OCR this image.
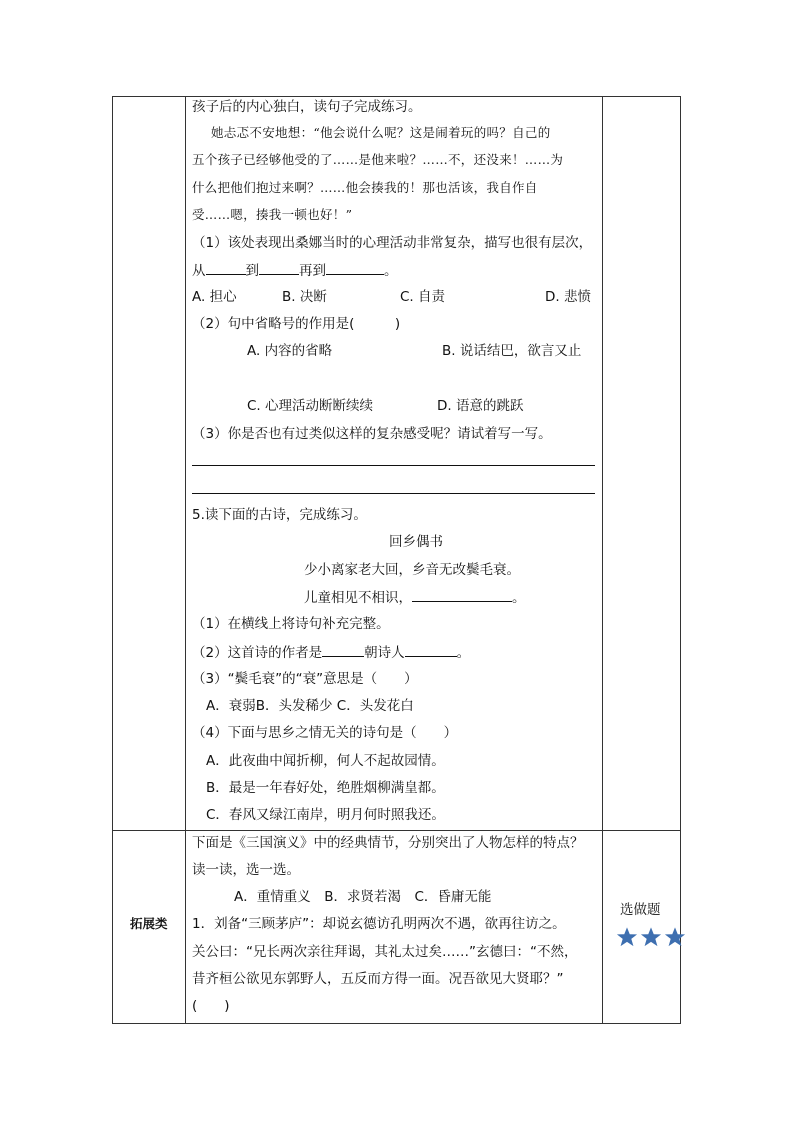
孩子后的内心独白，读句子完成练习。
她忐忑不安地想：“他会说什么呢？这是闹着玩的吗？自己的
五个孩子已经够他受的了……是他来啦？……不，还没来！……为
什么把他们抱过来啊？……他会揍我的！那也活该，我自作自
受……嗯，揍我一顿也好！”
（1）该处表现出桑娜当时的心理活动非常复杂，描写也很有层次，
从	到	再到	。
A. 担心	B. 决断	C. 自责	D. 悲愤
（2）句中省略号的作用是(　　　)
A. 内容的省略	B. 说话结巴，欲言又止
C. 心理活动断断续续	D. 语意的跳跃
（3）你是否也有过类似这样的复杂感受呢？请试着写一写。
5.读下面的古诗，完成练习。
回乡偶书
少小离家老大回，乡音无改鬓毛衰。
儿童相见不相识，	。
（1）在横线上将诗句补充完整。
（2）这首诗的作者是	朝诗人	。
（3）“鬓毛衰”的“衰”意思是（　　）
A．衰弱B．头发稀少 C．头发花白
（4）下面与思乡之情无关的诗句是（　　）
A．此夜曲中闻折柳，何人不起故园情。
B．最是一年春好处，绝胜烟柳满皇都。
C．春风又绿江南岸，明月何时照我还。
拓展类
下面是《三国演义》中的经典情节，分别突出了人物怎样的特点？
读一读，选一选。
A．重情重义　B．求贤若渴　C．昏庸无能
1．刘备“三顾茅庐”：却说玄德访孔明两次不遇，欲再往访之。
关公曰：“兄长两次亲往拜谒，其礼太过矣……”玄德曰：“不然，
昔齐桓公欲见东郭野人，五反而方得一面。况吾欲见大贤耶？”
(　　)
选做题
